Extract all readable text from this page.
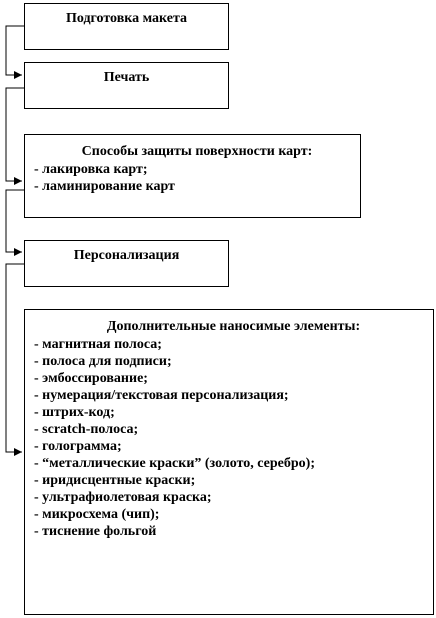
Подготовка макета
Печать
Способы защиты поверхности карт:
- лакировка карт;
- ламинирование карт
Персонализация
Дополнительные наносимые элементы:
- магнитная полоса;
- полоса для подписи;
- эмбоссирование;
- нумерация/текстовая персонализация;
- штрих-код;
- scratch-полоса;
- голограмма;
- “металлические краски” (золото, серебро);
- иридисцентные краски;
- ультрафиолетовая краска;
- микросхема (чип);
- тиснение фольгой
